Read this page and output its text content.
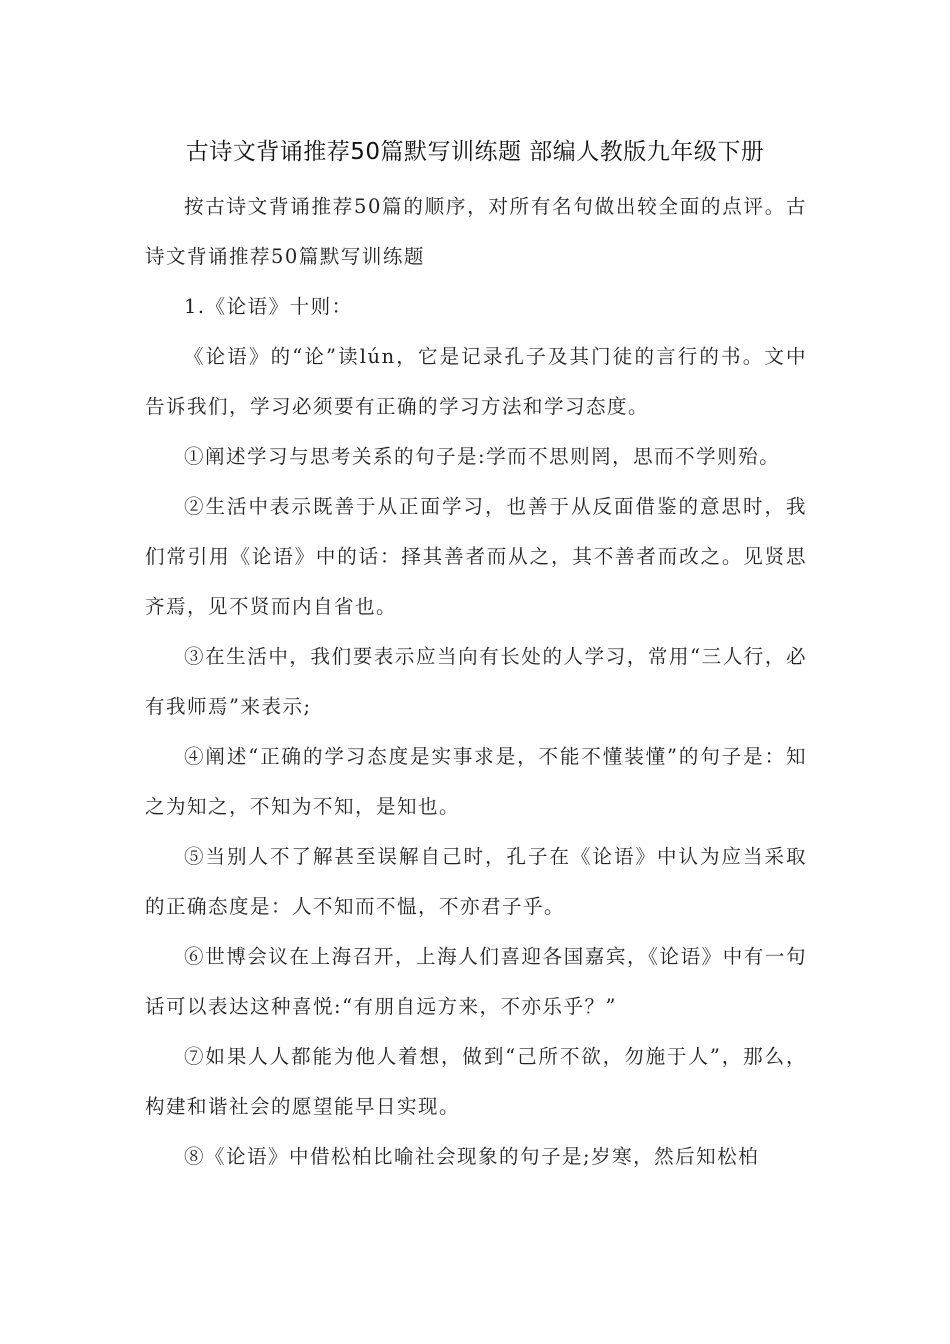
古诗文背诵推荐50篇默写训练题 部编人教版九年级下册

按古诗文背诵推荐50篇的顺序，对所有名句做出较全面的点评。古诗文背诵推荐50篇默写训练题

1.《论语》十则：

《论语》的“论”读lún，它是记录孔子及其门徒的言行的书。文中告诉我们，学习必须要有正确的学习方法和学习态度。

①阐述学习与思考关系的句子是:学而不思则罔，思而不学则殆。

②生活中表示既善于从正面学习，也善于从反面借鉴的意思时，我们常引用《论语》中的话：择其善者而从之，其不善者而改之。见贤思齐焉，见不贤而内自省也。

③在生活中，我们要表示应当向有长处的人学习，常用“三人行，必有我师焉”来表示;

④阐述“正确的学习态度是实事求是，不能不懂装懂”的句子是：知之为知之，不知为不知，是知也。

⑤当别人不了解甚至误解自己时，孔子在《论语》中认为应当采取的正确态度是：人不知而不愠，不亦君子乎。

⑥世博会议在上海召开，上海人们喜迎各国嘉宾，《论语》中有一句话可以表达这种喜悦:“有朋自远方来，不亦乐乎？”

⑦如果人人都能为他人着想，做到“己所不欲，勿施于人”，那么，构建和谐社会的愿望能早日实现。

⑧《论语》中借松柏比喻社会现象的句子是;岁寒，然后知松柏
